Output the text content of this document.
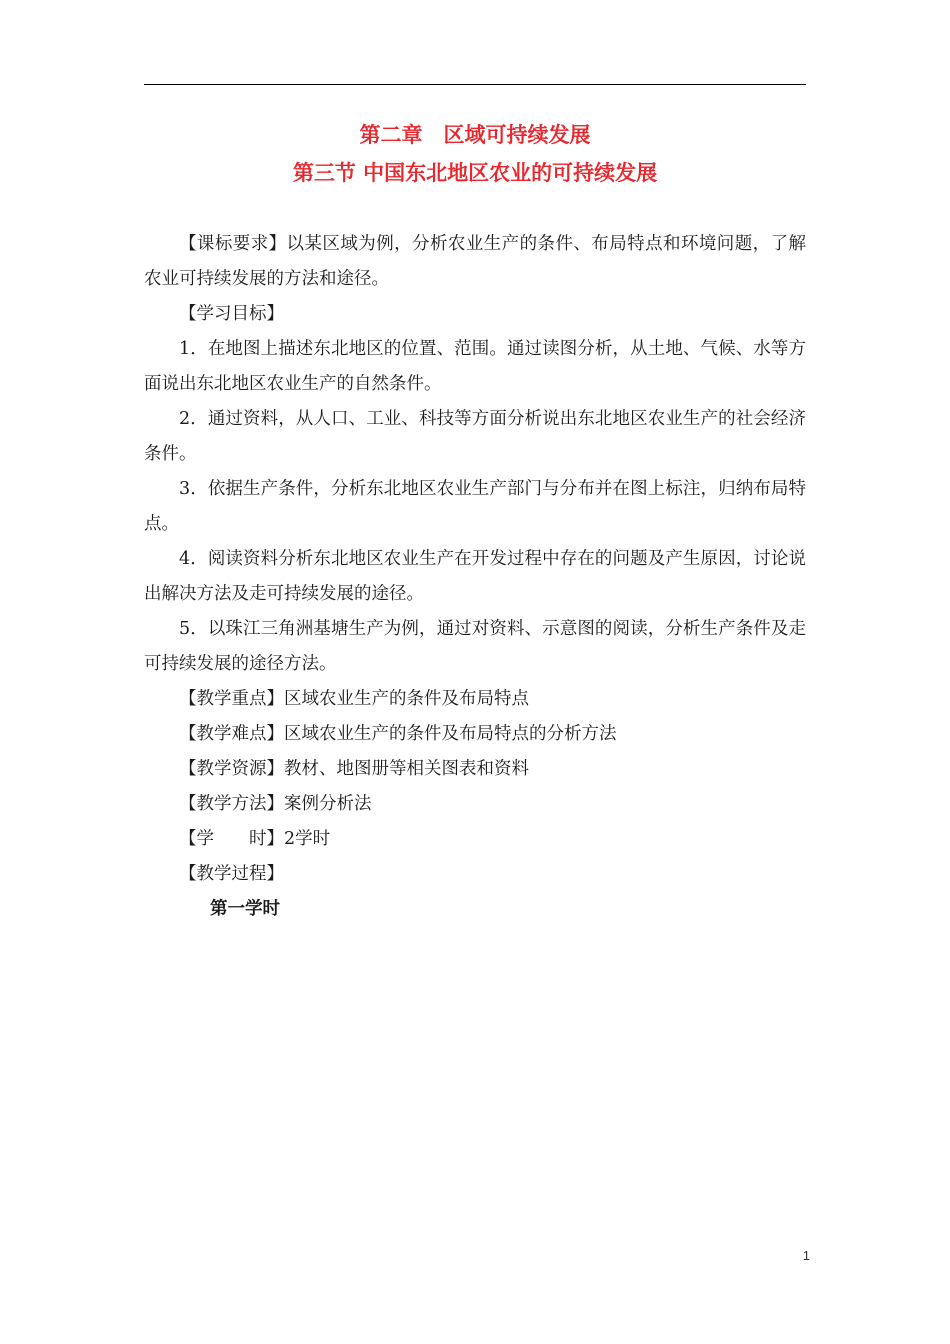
第二章　区域可持续发展
第三节 中国东北地区农业的可持续发展

【课标要求】以某区域为例，分析农业生产的条件、布局特点和环境问题，了解农业可持续发展的方法和途径。

【学习目标】

1．在地图上描述东北地区的位置、范围。通过读图分析，从土地、气候、水等方面说出东北地区农业生产的自然条件。

2．通过资料，从人口、工业、科技等方面分析说出东北地区农业生产的社会经济条件。

3．依据生产条件，分析东北地区农业生产部门与分布并在图上标注，归纳布局特点。

4．阅读资料分析东北地区农业生产在开发过程中存在的问题及产生原因，讨论说出解决方法及走可持续发展的途径。

5．以珠江三角洲基塘生产为例，通过对资料、示意图的阅读，分析生产条件及走可持续发展的途径方法。

【教学重点】区域农业生产的条件及布局特点

【教学难点】区域农业生产的条件及布局特点的分析方法

【教学资源】教材、地图册等相关图表和资料

【教学方法】案例分析法

【学　　时】2学时

【教学过程】

第一学时

1
